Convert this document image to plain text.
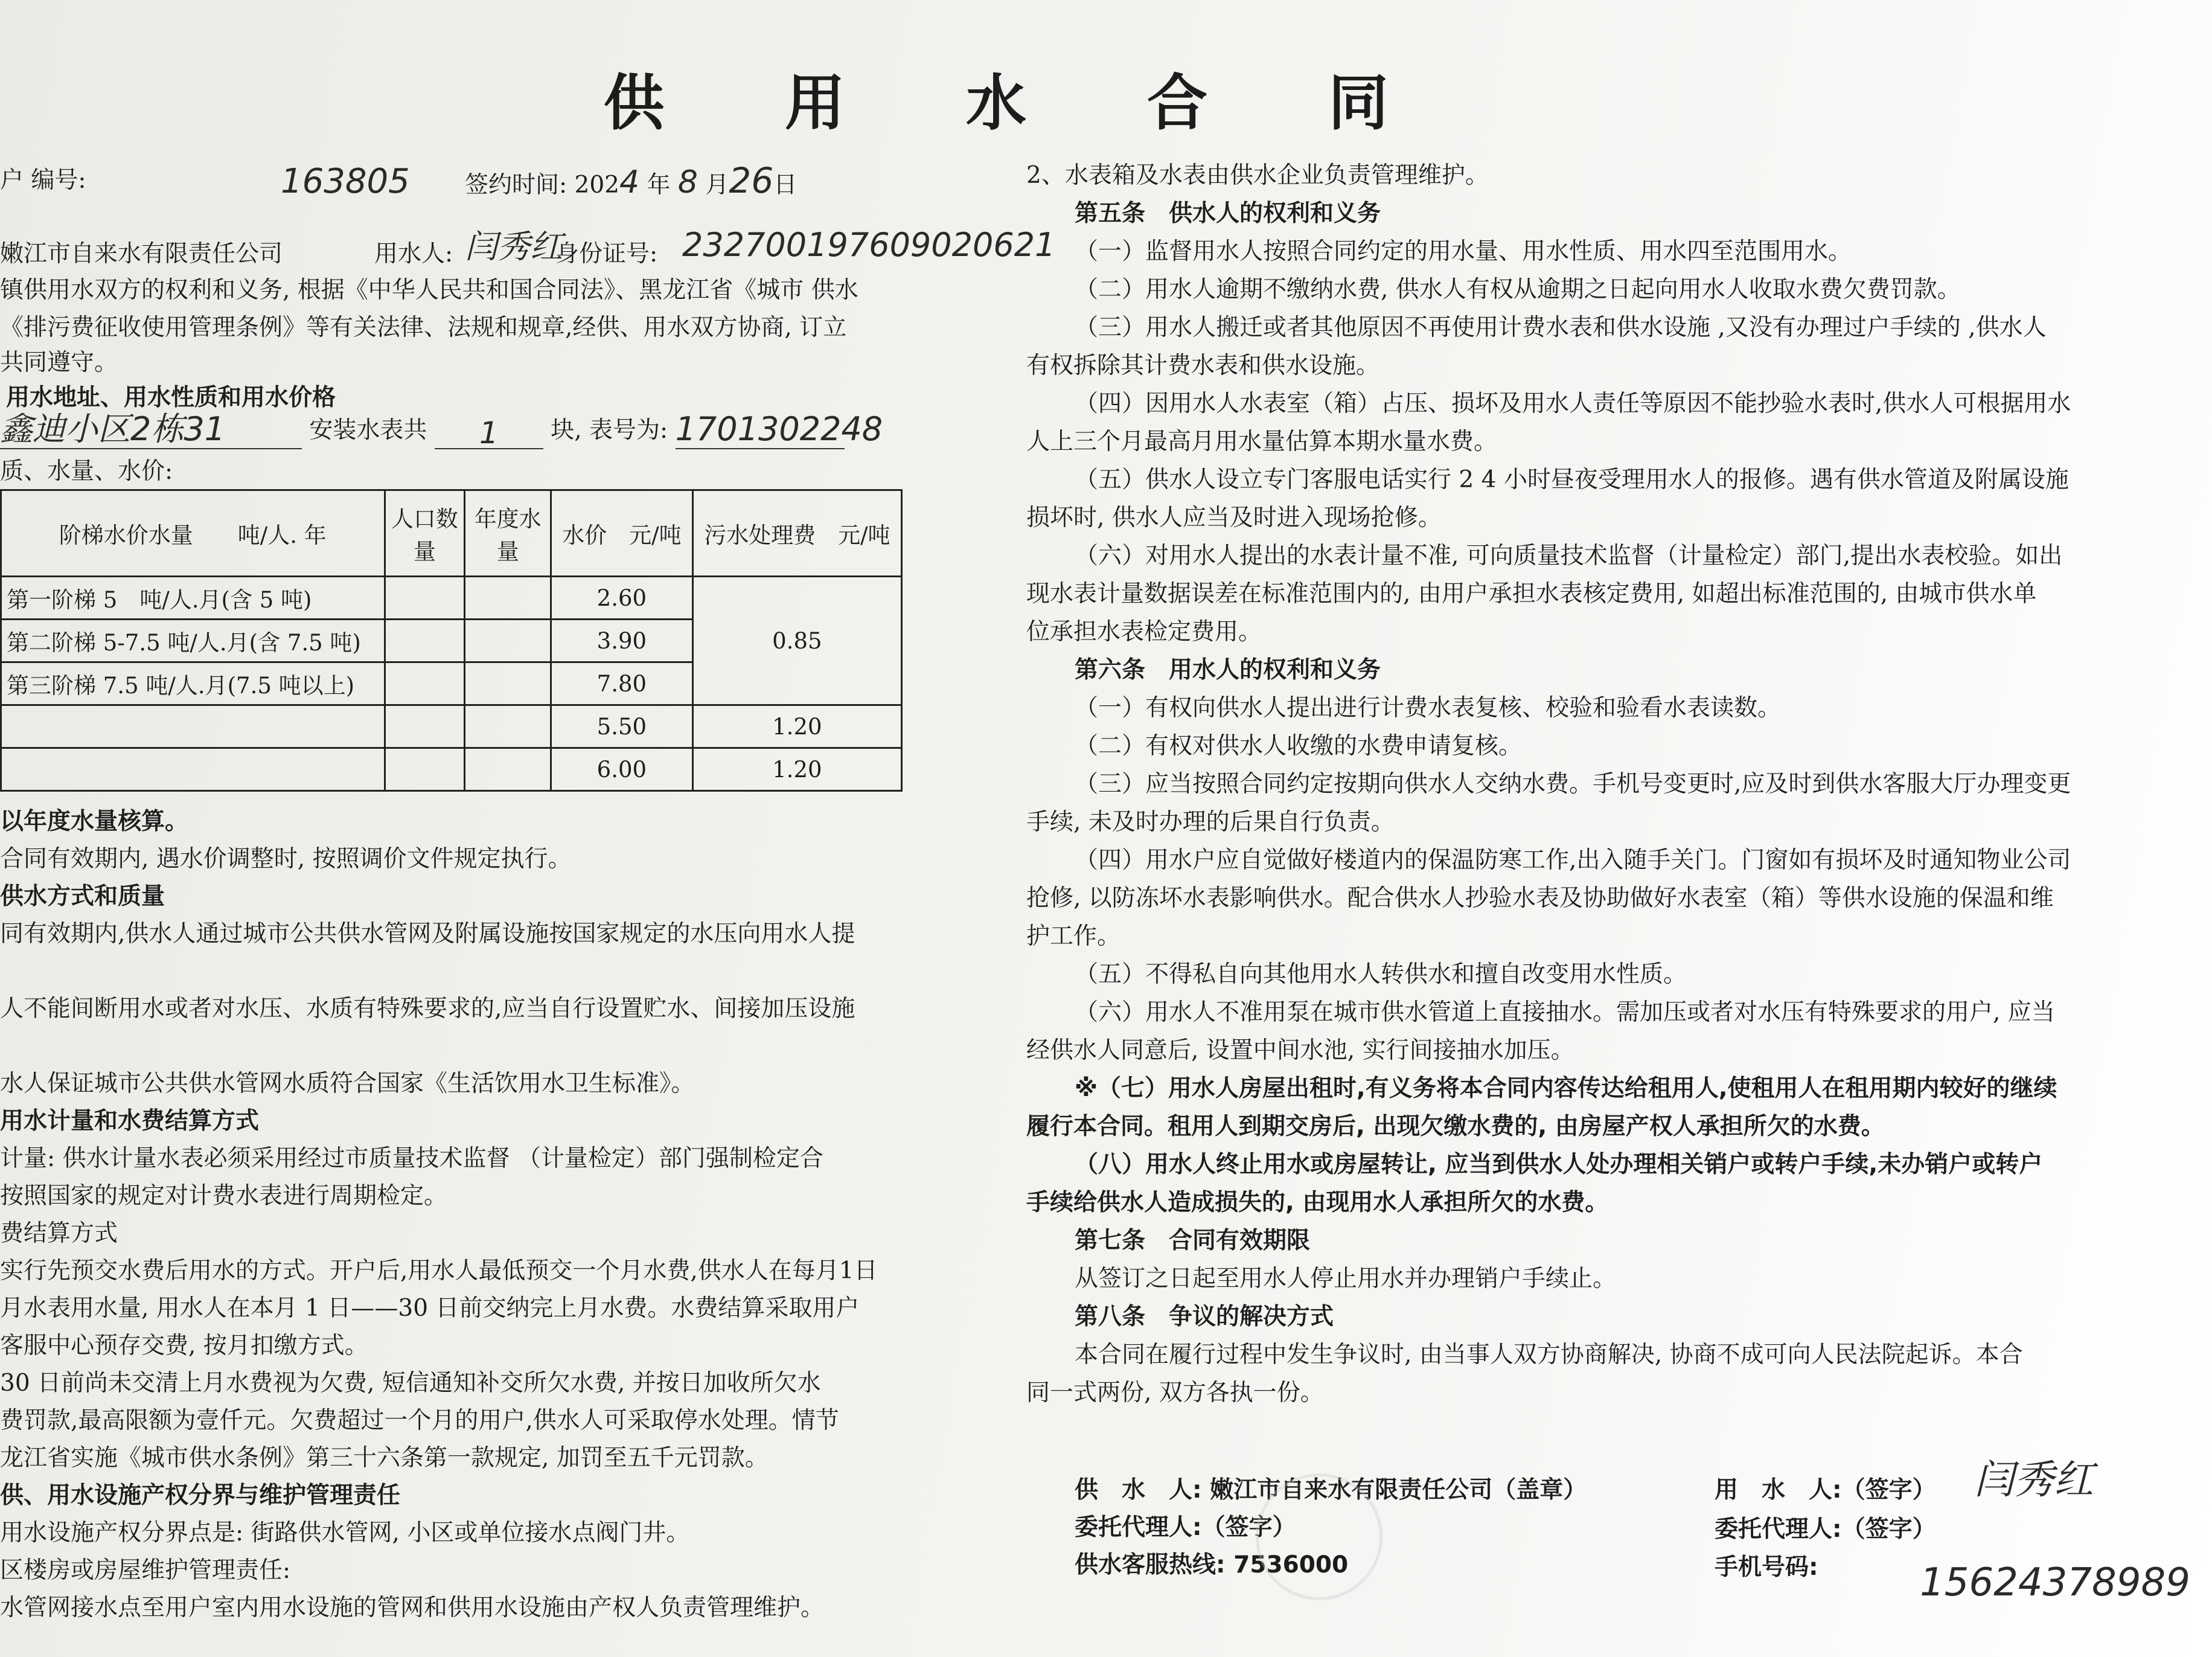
供 用 水 合 同
户 编号:	163805 签约时间: 2024 年 8 月26日
嫩江市自来水有限责任公司	用水人: 闫秀红
身份证号: 232700197609020621
镇供用水双方的权利和义务, 根据《中华人民共和国合同法》、黑龙江省《城市 供水
《排污费征收使用管理条例》等有关法律、法规和规章,经供、用水双方协商, 订立
共同遵守。
用水地址、用水性质和用水价格
鑫迪小区2栋31	安装水表共 1 块, 表号为: 1701302248
质、水量、水价:
阶梯水价水量　　吨/人. 年	人口数量	年度水量	水价　元/吨	污水处理费　元/吨
第一阶梯 5　吨/人.月(含 5 吨)			2.60	0.85
第二阶梯 5-7.5 吨/人.月(含 7.5 吨)			3.90	
第三阶梯 7.5 吨/人.月(7.5 吨以上)			7.80	
			5.50	1.20
			6.00	1.20
以年度水量核算。
合同有效期内, 遇水价调整时, 按照调价文件规定执行。
供水方式和质量
同有效期内,供水人通过城市公共供水管网及附属设施按国家规定的水压向用水人提
人不能间断用水或者对水压、水质有特殊要求的,应当自行设置贮水、间接加压设施
水人保证城市公共供水管网水质符合国家《生活饮用水卫生标准》。
用水计量和水费结算方式
计量: 供水计量水表必须采用经过市质量技术监督 （计量检定）部门强制检定合
按照国家的规定对计费水表进行周期检定。
费结算方式
实行先预交水费后用水的方式。开户后,用水人最低预交一个月水费,供水人在每月1日
月水表用水量, 用水人在本月 1 日——30 日前交纳完上月水费。水费结算采取用户
客服中心预存交费, 按月扣缴方式。
30 日前尚未交清上月水费视为欠费, 短信通知补交所欠水费, 并按日加收所欠水
费罚款,最高限额为壹仟元。欠费超过一个月的用户,供水人可采取停水处理。情节
龙江省实施《城市供水条例》第三十六条第一款规定, 加罚至五千元罚款。
供、用水设施产权分界与维护管理责任
用水设施产权分界点是: 街路供水管网, 小区或单位接水点阀门井。
区楼房或房屋维护管理责任:
水管网接水点至用户室内用水设施的管网和供用水设施由产权人负责管理维护。
2、水表箱及水表由供水企业负责管理维护。
第五条　供水人的权利和义务
（一）监督用水人按照合同约定的用水量、用水性质、用水四至范围用水。
（二）用水人逾期不缴纳水费, 供水人有权从逾期之日起向用水人收取水费欠费罚款。
（三）用水人搬迁或者其他原因不再使用计费水表和供水设施 ,又没有办理过户手续的 ,供水人
有权拆除其计费水表和供水设施。
（四）因用水人水表室（箱）占压、损坏及用水人责任等原因不能抄验水表时,供水人可根据用水
人上三个月最高月用水量估算本期水量水费。
（五）供水人设立专门客服电话实行 2 4 小时昼夜受理用水人的报修。遇有供水管道及附属设施
损坏时, 供水人应当及时进入现场抢修。
（六）对用水人提出的水表计量不准, 可向质量技术监督（计量检定）部门,提出水表校验。如出
现水表计量数据误差在标准范围内的, 由用户承担水表核定费用, 如超出标准范围的, 由城市供水单
位承担水表检定费用。
第六条　用水人的权利和义务
（一）有权向供水人提出进行计费水表复核、校验和验看水表读数。
（二）有权对供水人收缴的水费申请复核。
（三）应当按照合同约定按期向供水人交纳水费。手机号变更时,应及时到供水客服大厅办理变更
手续, 未及时办理的后果自行负责。
（四）用水户应自觉做好楼道内的保温防寒工作,出入随手关门。门窗如有损坏及时通知物业公司
抢修, 以防冻坏水表影响供水。配合供水人抄验水表及协助做好水表室（箱）等供水设施的保温和维
护工作。
（五）不得私自向其他用水人转供水和擅自改变用水性质。
（六）用水人不准用泵在城市供水管道上直接抽水。需加压或者对水压有特殊要求的用户, 应当
经供水人同意后, 设置中间水池, 实行间接抽水加压。
※（七）用水人房屋出租时,有义务将本合同内容传达给租用人,使租用人在租用期内较好的继续
履行本合同。租用人到期交房后, 出现欠缴水费的, 由房屋产权人承担所欠的水费。
（八）用水人终止用水或房屋转让, 应当到供水人处办理相关销户或转户手续,未办销户或转户
手续给供水人造成损失的, 由现用水人承担所欠的水费。
第七条　合同有效期限
从签订之日起至用水人停止用水并办理销户手续止。
第八条　争议的解决方式
本合同在履行过程中发生争议时, 由当事人双方协商解决, 协商不成可向人民法院起诉。本合
同一式两份, 双方各执一份。
供　水　人: 嫩江市自来水有限责任公司（盖章）
委托代理人:（签字）
供水客服热线: 7536000
用　水　人:（签字） 闫秀红
委托代理人:（签字）
手机号码:	15624378989
